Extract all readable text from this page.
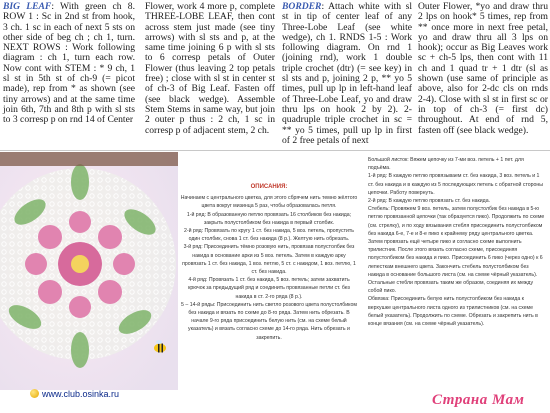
BIG LEAF: With green ch 8. ROW 1 : Sc in 2nd st from hook, 3 ch. 1 sc in each of next 5 sts on other side of beg ch ; ch 1, turn. NEXT ROWS : Work following diagram : ch 1, turn each row. Now cont with STEM : * 9 ch, 1 sl st in 5th st of ch-9 (= picot made), rep from * as shown (see tiny arrows) and at the same time join 6th, 7th and 8th p with sl sts to 3 corresp p on rnd 14 of Center
Flower, work 4 more p, complete THREE-LOBE LEAF, then cont across stem just made (see tiny arrows) with sl sts and p, at the same time joining 6 p with sl sts to 6 corresp petals of Outer Flower (thus leaving 2 top petals free) ; close with sl st in center st of ch-3 of Big Leaf. Fasten off (see black wedge). Assemble Stem Stems in same way, but join 2 outer p thus : 2 ch, 1 sc in corresp p of adjacent stem, 2 ch.
BORDER: Attach white with sl st in tip of center leaf of any Three-Lobe Leaf (see white wedge), ch 1. RNDS 1-5 : Work following diagram. On rnd 1 (joining rnd), work 1 double triple crochet (dtr) (= see key) in sl sts and p, joining 2 p, ** yo 5 times, pull up lp in left-hand leaf of Three-Lobe Leaf, yo and draw thru lps on hook 2 by 2). 2-quadruple triple crochet in sc = ** yo 5 times, pull up lp in first of 2 free petals of next
Outer Flower, *yo and draw thru 2 lps on hook* 5 times, rep from ** once more in next free petal, yo and draw thru all 3 lps on hook); occur as Big Leaves work sc + ch-5 lps, then cont with 11 ch and 1 quad tr + 1 dtr (sl as shown (use same of principle as above, also for 2-dc cls on rnds 2-4). Close with sl st in first sc or in top of ch-3 (= first dc) throughout. At end of rnd 5, fasten off (see black wedge).
www.club.osinka.ru
ОПИСАНИЯ:

Начинаем с центрального цветка, для этого сбрячем нить темно жёлтого цвета вокруг мизинца 5 раз, чтобы образовалась петля.

1-й ряд: В образованную петлю провязать 16 столбиков без накида; закрыть полустолбиком без накида в первый столбик.

2-й ряд: Провязать по кругу 1 ст. без накида, 5 воз. петель, пропустить один столбик, снова 1 ст. без накида (8 р.). Желтую нить обрезать.

3-й ряд: Присоединить тёмно розовую нить, провязав полустолбик без накида в основание арки из 5 воз. петель. Затем в каждую арку провязать 1 ст. без накида, 1 воз. петлю, 5 ст. с накидом, 1 воз. петлю, 1 ст. без накида.

4-й ряд: Провязать 1 ст. без накида, 5 воз. петель; затем захватить крючок за предыдущий ряд и соединить провязанные петли ст. без накида в ст. 2-го ряда (8 р.).

5 – 14-й ряды: Присоединить нить светло розового цвета полустолбиком без накида и вязать по схеме до 8-го ряда. Затем нить обрезать. В начале 9-го ряда присоединить белую нить (см. на схеме белый указатель) и вязать согласно схеме до 14-го ряда. Нить обрезать и закрепить.

Большой листок: Вяжем цепочку из 7-ми воз. петель + 1 пет. для подъёма.

1-й ряд: В каждую петлю провязываем ст. без накида, 3 воз. петель и 1 ст. без накида и в каждую из 5 последующих петель с обратной стороны цепочки. Работу повернуть.

2-й ряд: В каждую петлю провязать ст. без накида.

Стебель: Провяжем 9 воз. петель, затем полустолбик без накида в 5-ю петлю провязанной цепочки (так образуется пико). Продолжить по схеме (см. стрелку), и по ходу вязывания стебля присоединить полустолбиком без накида 6-е, 7-е и 8-е пико к крайнему ряду центрального цветка. Затем провязать ещё четыре пико и согласно схеме выполнить трилистник. После этого вязать согласно схеме, присоединяя полустолбиком без накида и пико. Присоединить 6 пико (через одно) к 6 лепесткам внешнего цвета. Закончить стебель полустолбиком без накида в основание большого листа (см. на схеме чёрный указатель). Остальные стебли провязать таким же образом, соединяя их между собой пико.

Обвязка: Присоединить белую нить полустолбиком без накида к верхушке центрального листа одного из трилистников (см. на схеме белый указатель). Продолжить по схеме. Обрезать и закрепить нить в конце вязания (см. на схеме чёрный указатель).

Страна Мам
